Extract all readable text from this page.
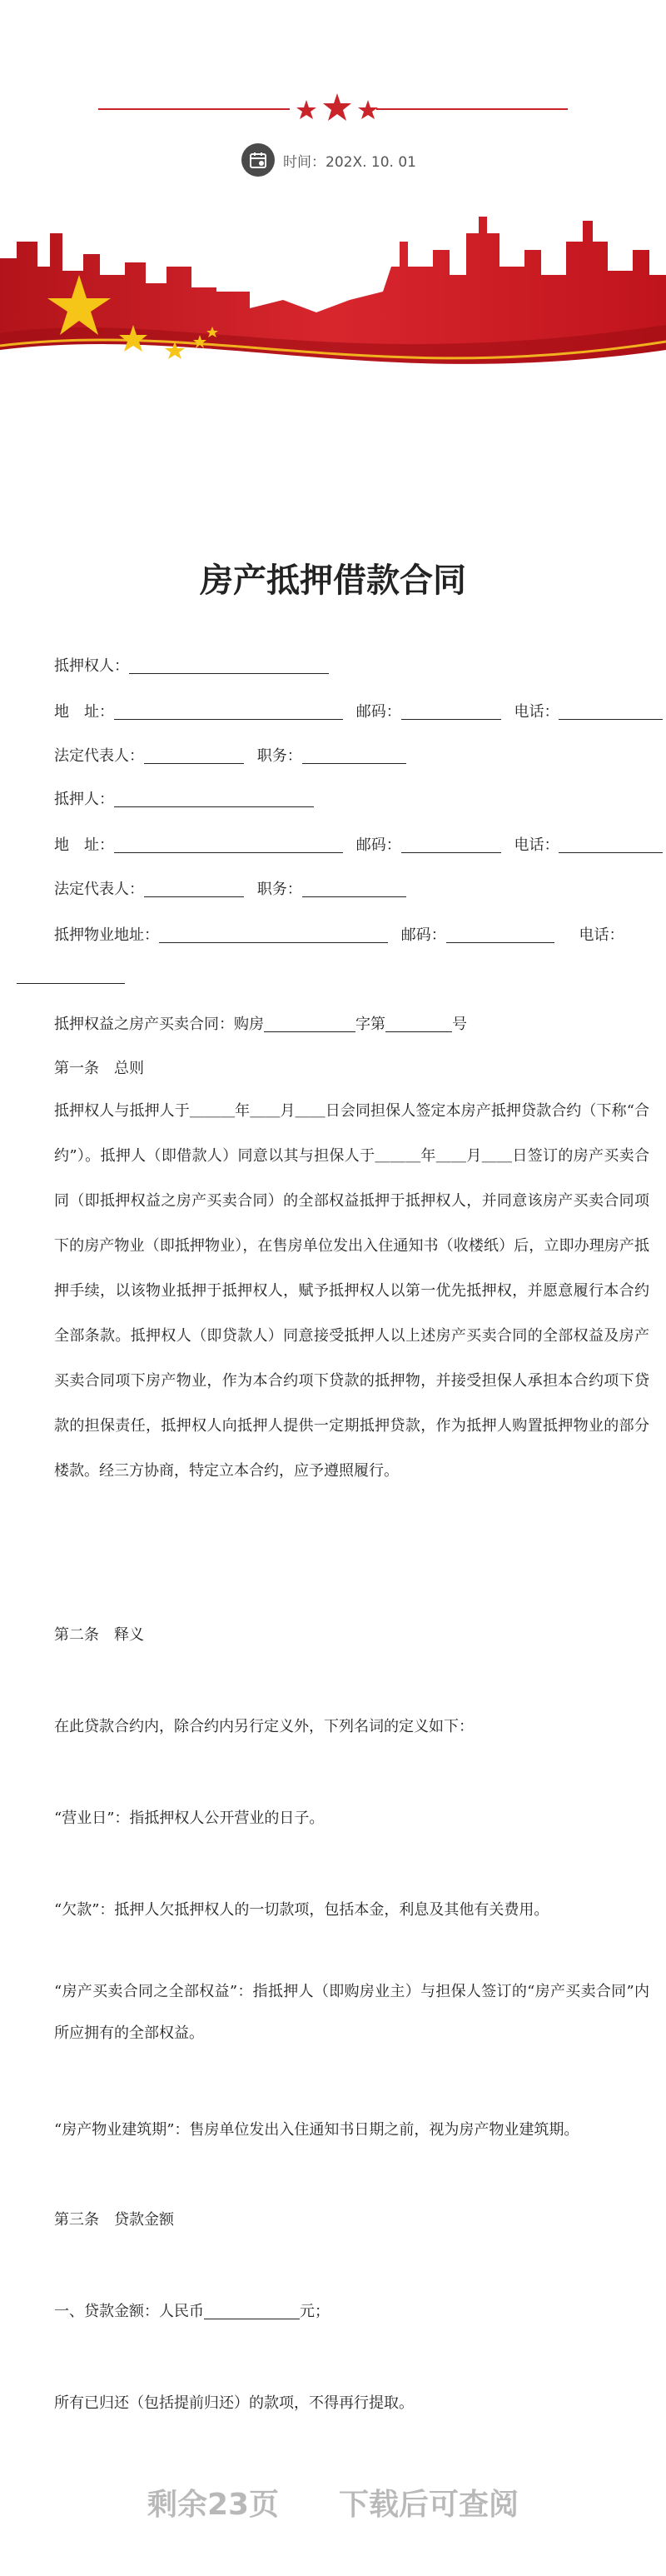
时间：202X. 10. 01
房产抵押借款合同
抵押权人：
地　址：	邮码：	电话：
法定代表人：	职务：
抵押人：
地　址：	邮码：	电话：
法定代表人：	职务：
抵押物业地址：	邮码：	电话：
抵押权益之房产买卖合同：购房	字第	号
第一条　总则
抵押权人与抵押人于＿＿＿年＿＿月＿＿日会同担保人签定本房产抵押贷款合约（下称“合约”）。抵押人（即借款人）同意以其与担保人于＿＿＿年＿＿月＿＿日签订的房产买卖合同（即抵押权益之房产买卖合同）的全部权益抵押于抵押权人，并同意该房产买卖合同项下的房产物业（即抵押物业），在售房单位发出入住通知书（收楼纸）后，立即办理房产抵押手续，以该物业抵押于抵押权人，赋予抵押权人以第一优先抵押权，并愿意履行本合约全部条款。抵押权人（即贷款人）同意接受抵押人以上述房产买卖合同的全部权益及房产买卖合同项下房产物业，作为本合约项下贷款的抵押物，并接受担保人承担本合约项下贷款的担保责任，抵押权人向抵押人提供一定期抵押贷款，作为抵押人购置抵押物业的部分楼款。经三方协商，特定立本合约，应予遵照履行。
第二条　释义
在此贷款合约内，除合约内另行定义外，下列名词的定义如下：
“营业日”：指抵押权人公开营业的日子。
“欠款”：抵押人欠抵押权人的一切款项，包括本金，利息及其他有关费用。
“房产买卖合同之全部权益”：指抵押人（即购房业主）与担保人签订的“房产买卖合同”内所应拥有的全部权益。
“房产物业建筑期”：售房单位发出入住通知书日期之前，视为房产物业建筑期。
第三条　贷款金额
一、贷款金额：人民币	元；
所有已归还（包括提前归还）的款项，不得再行提取。
剩余23页　　下载后可查阅
